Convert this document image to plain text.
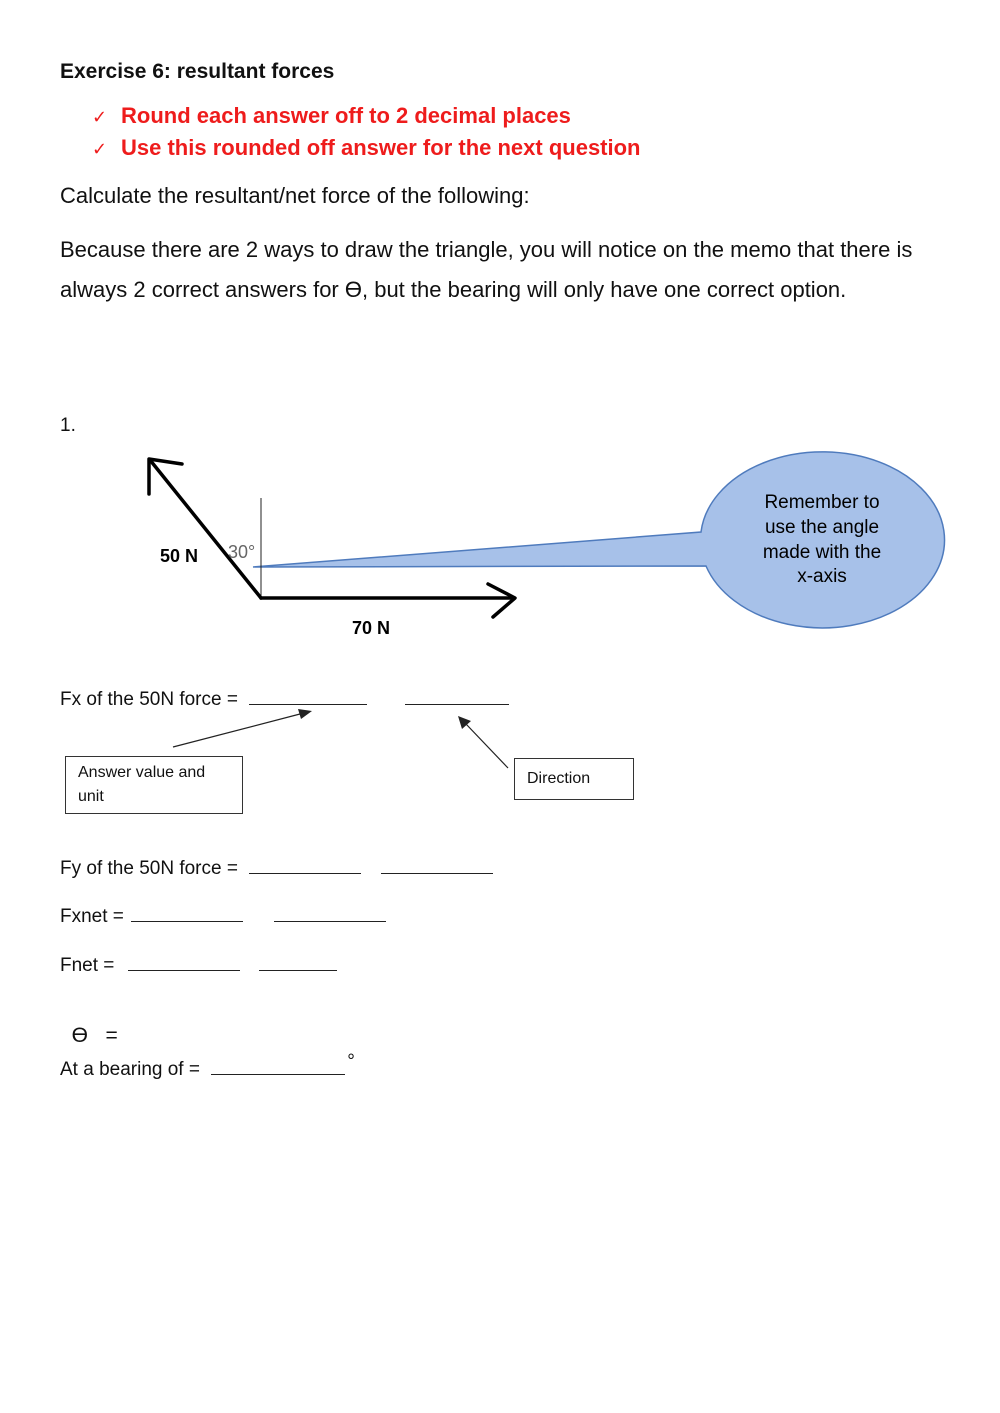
Exercise 6: resultant forces
✓ Round each answer off to 2 decimal places
✓ Use this rounded off answer for the next question
Calculate the resultant/net force of the following:
Because there are 2 ways to draw the triangle, you will notice on the memo that there is always 2 correct answers for ϴ, but the bearing will only have one correct option.
1.
50 N
70 N
30°
Remember to
use the angle
made with the
x-axis
Fx of the 50N force =
Answer value and unit
Direction
Fy of the 50N force =
Fxnet =
Fnet =

ϴ   =

At a bearing of =	°
